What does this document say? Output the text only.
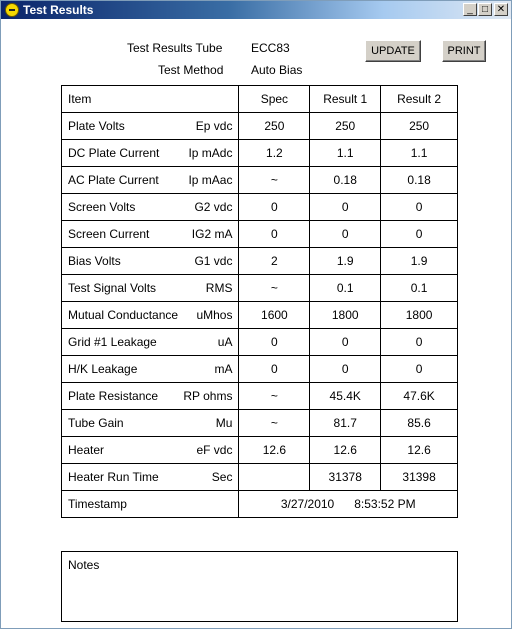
Test Results	_ □ ✕
Test Results Tube ECC83
Test Method Auto Bias
UPDATE	PRINT
Item	Spec	Result 1	Result 2

Plate Volts Ep vdc	250	250	250

DC Plate Current Ip mAdc	1.2	1.1	1.1

AC Plate Current Ip mAac	~	0.18	0.18

Screen Volts G2 vdc	0	0	0

Screen Current IG2 mA	0	0	0

Bias Volts G1 vdc	2	1.9	1.9

Test Signal Volts RMS	~	0.1	0.1

Mutual Conductance uMhos	1600	1800	1800

Grid #1 Leakage uA	0	0	0

H/K Leakage mA	0	0	0

Plate Resistance RP ohms	~	45.4K	47.6K

Tube Gain Mu	~	81.7	85.6

Heater eF vdc	12.6	12.6	12.6

Heater Run Time Sec		31378	31398
Timestamp	3/27/2010      8:53:52 PM		
Notes
